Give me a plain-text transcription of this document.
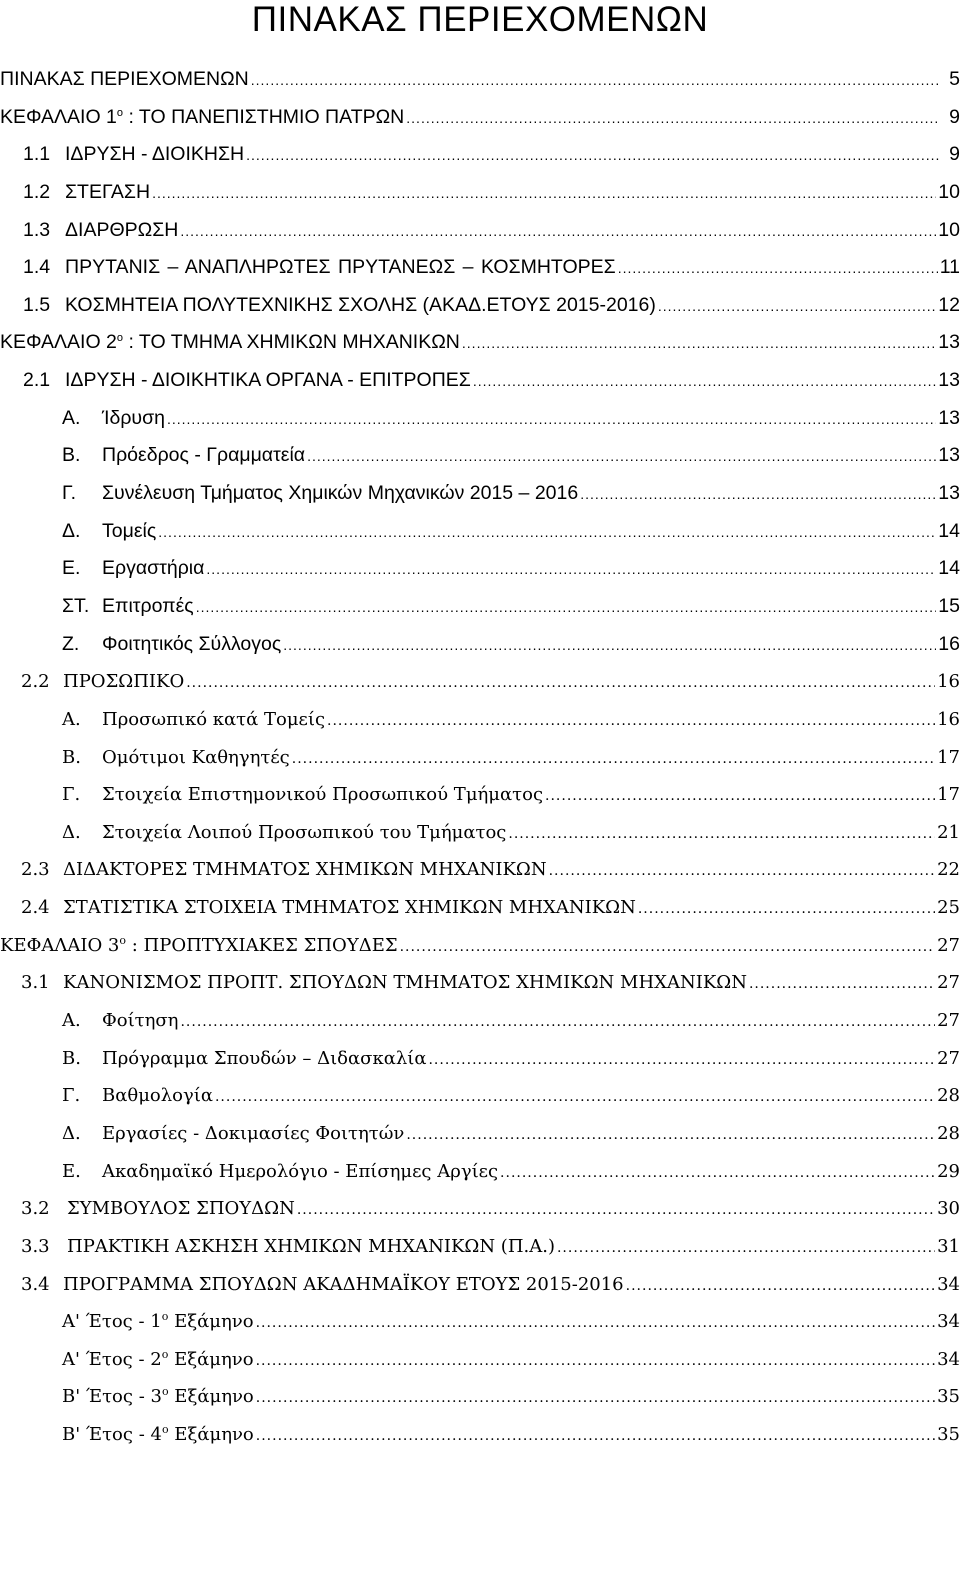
ΠΙΝΑΚΑΣ ΠΕΡΙΕΧΟΜΕΝΩΝ
ΠΙΝΑΚΑΣ ΠΕΡΙΕΧΟΜΕΝΩΝ .....	5
ΚΕΦΑΛΑΙΟ $1^o$ : ΤΟ ΠΑΝΕΠΙΣΤΗΜΙΟ ΠΑΤΡΩΝ .....	9
1.1 ΙΔΡΥΣΗ - ΔΙΟΙΚΗΣΗ .....	9
1.2 ΣΤΕΓΑΣΗ .....	10
1.3 ΔΙΑΡΘΡΩΣΗ .....	10
1.4 ΠΡΥΤΑΝΙΣ – ΑΝΑΠΛΗΡΩΤΕΣ ΠΡΥΤΑΝΕΩΣ – ΚΟΣΜΗΤΟΡΕΣ .....	11
1.5 ΚΟΣΜΗΤΕΙΑ ΠΟΛΥΤΕΧΝΙΚΗΣ ΣΧΟΛΗΣ (ΑΚΑΔ.ΕΤΟΥΣ 2015-2016) .....	12
ΚΕΦΑΛΑΙΟ $2^o$ : ΤΟ ΤΜΗΜΑ ΧΗΜΙΚΩΝ ΜΗΧΑΝΙΚΩΝ .....	13
2.1 ΙΔΡΥΣΗ - ΔΙΟΙΚΗΤΙΚΑ ΟΡΓΑΝΑ - ΕΠΙΤΡΟΠΕΣ .....	13
Α.	Ίδρυση .....	13
Β.	Πρόεδρος - Γραμματεία .....	13
Γ.	Συνέλευση Τμήματος Χημικών Μηχανικών 2015 – 2016 .....	13
Δ.	Τομείς .....	14
Ε.	Εργαστήρια .....	14
ΣΤ. Επιτροπές .....	15
Ζ.	Φοιτητικός Σύλλογος .....	16
2.2 ΠΡΟΣΩΠΙΚΟ .....	16
Α.	Προσωπικό κατά Τομείς .....	16
Β.	Ομότιμοι Καθηγητές .....	17
Γ.	Στοιχεία Επιστημονικού Προσωπικού Τμήματος .....	17
Δ.	Στοιχεία Λοιπού Προσωπικού του Τμήματος .....	21
2.3 ΔΙΔΑΚΤΟΡΕΣ ΤΜΗΜΑΤΟΣ ΧΗΜΙΚΩΝ ΜΗΧΑΝΙΚΩΝ .....	22
2.4 ΣΤΑΤΙΣΤΙΚΑ ΣΤΟΙΧΕΙΑ ΤΜΗΜΑΤΟΣ ΧΗΜΙΚΩΝ ΜΗΧΑΝΙΚΩΝ .....	25
ΚΕΦΑΛΑΙΟ $3^o$ : ΠΡΟΠΤΥΧΙΑΚΕΣ ΣΠΟΥΔΕΣ .....	27
3.1 ΚΑΝΟΝΙΣΜΟΣ ΠΡΟΠΤ. ΣΠΟΥΔΩΝ ΤΜΗΜΑΤΟΣ ΧΗΜΙΚΩΝ ΜΗΧΑΝΙΚΩΝ .....	27
Α.	Φοίτηση .....	27
Β.	Πρόγραμμα Σπουδών – Διδασκαλία .....	27
Γ.	Βαθμολογία .....	28
Δ.	Εργασίες - Δοκιμασίες Φοιτητών .....	28
Ε.	Ακαδημαϊκό Ημερολόγιο - Επίσημες Αργίες .....	29
3.2 ΣΥΜΒΟΥΛΟΣ ΣΠΟΥΔΩΝ .....	30
3.3 ΠΡΑΚΤΙΚΗ ΑΣΚΗΣΗ ΧΗΜΙΚΩΝ ΜΗΧΑΝΙΚΩΝ (Π.Α.) .....	31
3.4 ΠΡΟΓΡΑΜΜΑ ΣΠΟΥΔΩΝ ΑΚΑΔΗΜΑΪΚΟΥ ΕΤΟΥΣ 2015-2016 .....	34
Α' Έτος - $1^o$ Εξάμηνο .....	34
Α' Έτος - $2^o$ Εξάμηνο .....	34
Β' Έτος - $3^o$ Εξάμηνο .....	35
Β' Έτος - $4^o$ Εξάμηνο .....	35
